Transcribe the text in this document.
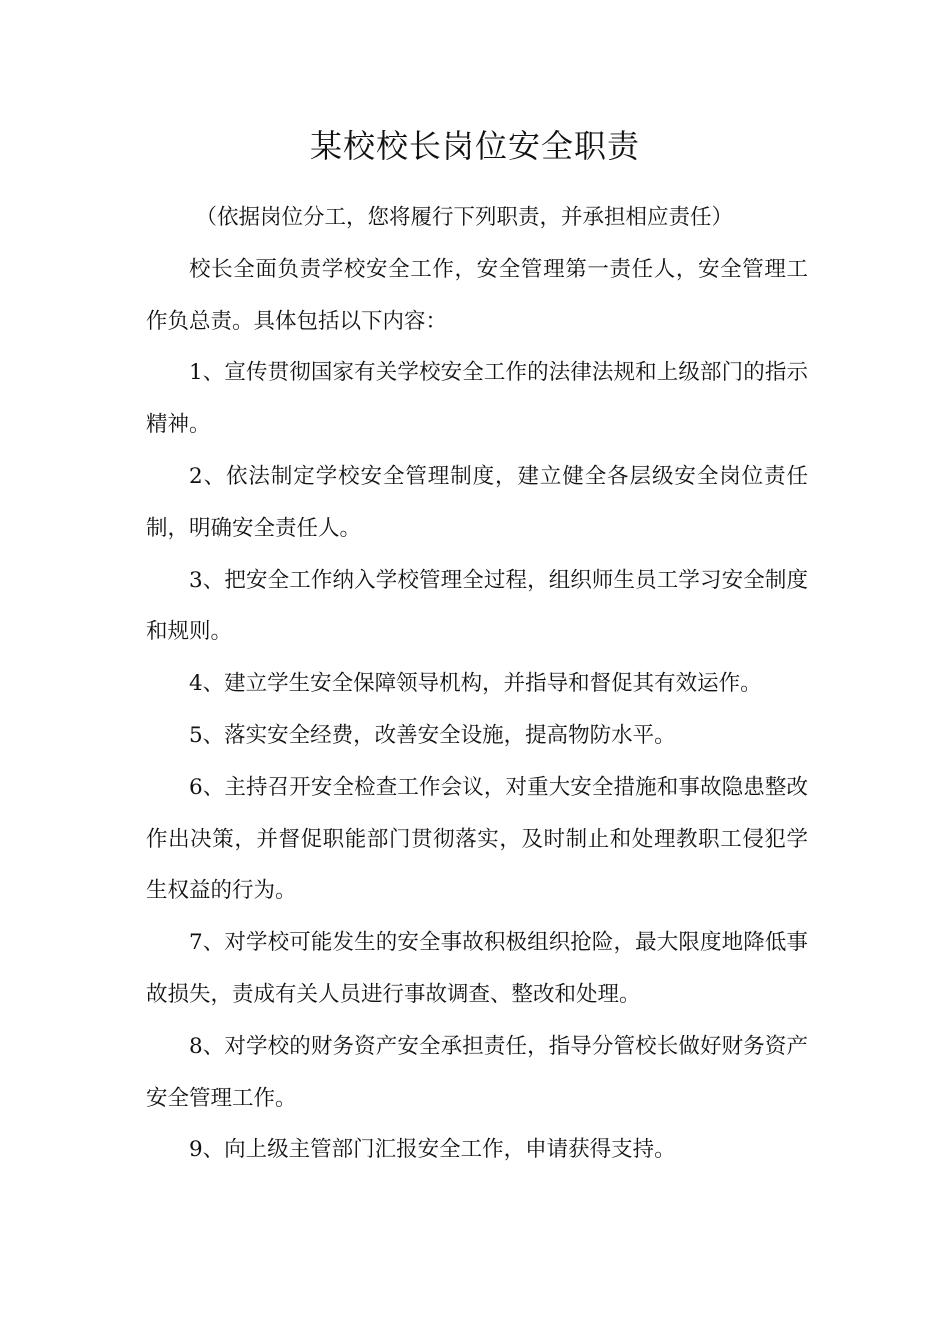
某校校长岗位安全职责

（依据岗位分工，您将履行下列职责，并承担相应责任）

校长全面负责学校安全工作，安全管理第一责任人，安全管理工作负总责。具体包括以下内容：

1、宣传贯彻国家有关学校安全工作的法律法规和上级部门的指示精神。

2、依法制定学校安全管理制度，建立健全各层级安全岗位责任制，明确安全责任人。

3、把安全工作纳入学校管理全过程，组织师生员工学习安全制度和规则。

4、建立学生安全保障领导机构，并指导和督促其有效运作。

5、落实安全经费，改善安全设施，提高物防水平。

6、主持召开安全检查工作会议，对重大安全措施和事故隐患整改作出决策，并督促职能部门贯彻落实，及时制止和处理教职工侵犯学生权益的行为。

7、对学校可能发生的安全事故积极组织抢险，最大限度地降低事故损失，责成有关人员进行事故调查、整改和处理。

8、对学校的财务资产安全承担责任，指导分管校长做好财务资产安全管理工作。

9、向上级主管部门汇报安全工作，申请获得支持。
